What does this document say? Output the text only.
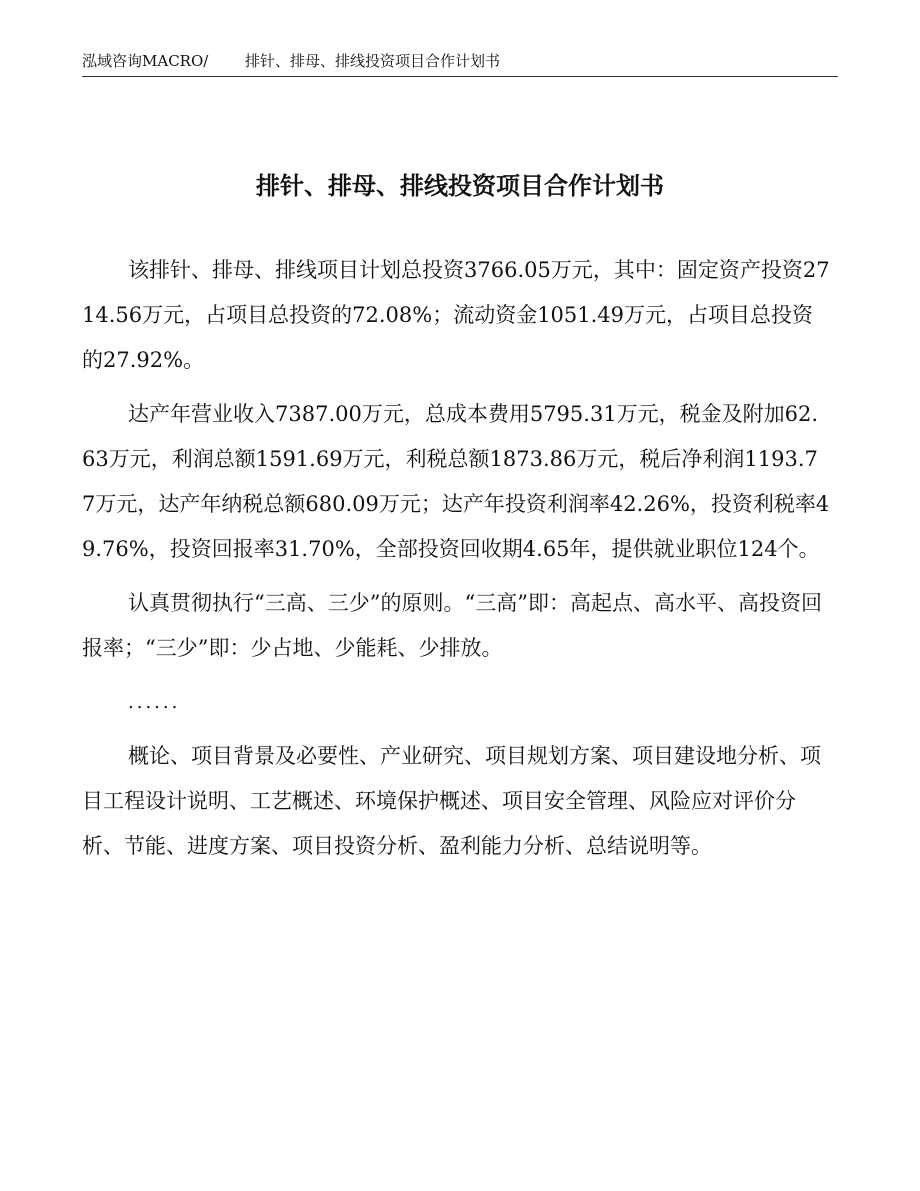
泓域咨询MACRO/ 排针、排母、排线投资项目合作计划书
排针、排母、排线投资项目合作计划书

该排针、排母、排线项目计划总投资3766.05万元，其中：固定资产投资2714.56万元，占项目总投资的72.08%；流动资金1051.49万元，占项目总投资的27.92%。

达产年营业收入7387.00万元，总成本费用5795.31万元，税金及附加62.63万元，利润总额1591.69万元，利税总额1873.86万元，税后净利润1193.77万元，达产年纳税总额680.09万元；达产年投资利润率42.26%，投资利税率49.76%，投资回报率31.70%，全部投资回收期4.65年，提供就业职位124个。

认真贯彻执行“三高、三少”的原则。“三高”即：高起点、高水平、高投资回报率；“三少”即：少占地、少能耗、少排放。

......

概论、项目背景及必要性、产业研究、项目规划方案、项目建设地分析、项目工程设计说明、工艺概述、环境保护概述、项目安全管理、风险应对评价分析、节能、进度方案、项目投资分析、盈利能力分析、总结说明等。
